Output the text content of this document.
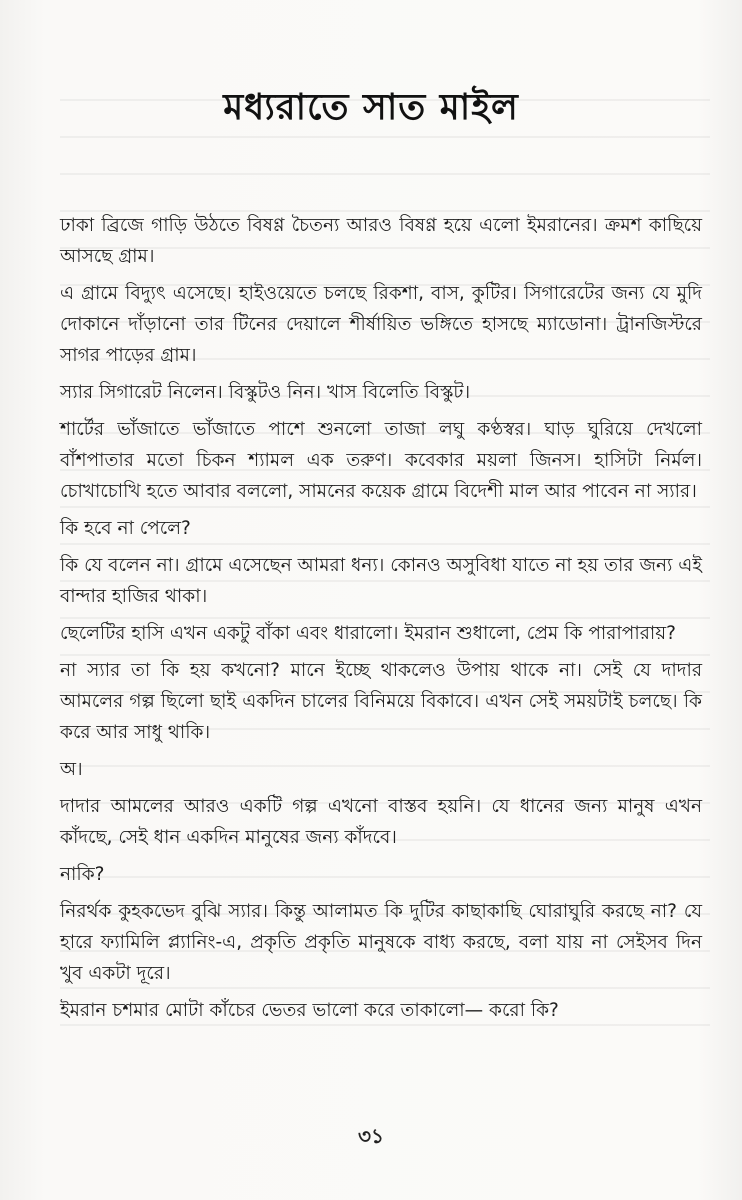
মধ্যরাতে সাত মাইল

ঢাকা ব্রিজে গাড়ি উঠতে বিষণ্ণ চৈতন্য আরও বিষণ্ণ হয়ে এলো ইমরানের। ক্রমশ কাছিয়ে আসছে গ্রাম।

এ গ্রামে বিদ্যুৎ এসেছে। হাইওয়েতে চলছে রিকশা, বাস, কুটির। সিগারেটের জন্য যে মুদি দোকানে দাঁড়ানো তার টিনের দেয়ালে শীর্ষায়িত ভঙ্গিতে হাসছে ম্যাডোনা। ট্রানজিস্টরে সাগর পাড়ের গ্রাম।

স্যার সিগারেট নিলেন। বিস্কুটও নিন। খাস বিলেতি বিস্কুট।

শার্টের ভাঁজাতে ভাঁজাতে পাশে শুনলো তাজা লঘু কণ্ঠস্বর। ঘাড় ঘুরিয়ে দেখলো বাঁশপাতার মতো চিকন শ্যামল এক তরুণ। কবেকার ময়লা জিনস। হাসিটা নির্মল। চোখাচোখি হতে আবার বললো, সামনের কয়েক গ্রামে বিদেশী মাল আর পাবেন না স্যার।

কি হবে না পেলে?

কি যে বলেন না। গ্রামে এসেছেন আমরা ধন্য। কোনও অসুবিধা যাতে না হয় তার জন্য এই বান্দার হাজির থাকা।

ছেলেটির হাসি এখন একটু বাঁকা এবং ধারালো। ইমরান শুধালো, প্রেম কি পারাপারায়?

না স্যার তা কি হয় কখনো? মানে ইচ্ছে থাকলেও উপায় থাকে না। সেই যে দাদার আমলের গল্প ছিলো ছাই একদিন চালের বিনিময়ে বিকাবে। এখন সেই সময়টাই চলছে। কি করে আর সাধু থাকি।

অ।

দাদার আমলের আরও একটি গল্প এখনো বাস্তব হয়নি। যে ধানের জন্য মানুষ এখন কাঁদছে, সেই ধান একদিন মানুষের জন্য কাঁদবে।

নাকি?

নিরর্থক কুহকভেদ বুঝি স্যার। কিন্তু আলামত কি দুটির কাছাকাছি ঘোরাঘুরি করছে না? যে হারে ফ্যামিলি প্ল্যানিং-এ, প্রকৃতি প্রকৃতি মানুষকে বাধ্য করছে, বলা যায় না সেইসব দিন খুব একটা দূরে।

ইমরান চশমার মোটা কাঁচের ভেতর ভালো করে তাকালো— করো কি?

৩১
